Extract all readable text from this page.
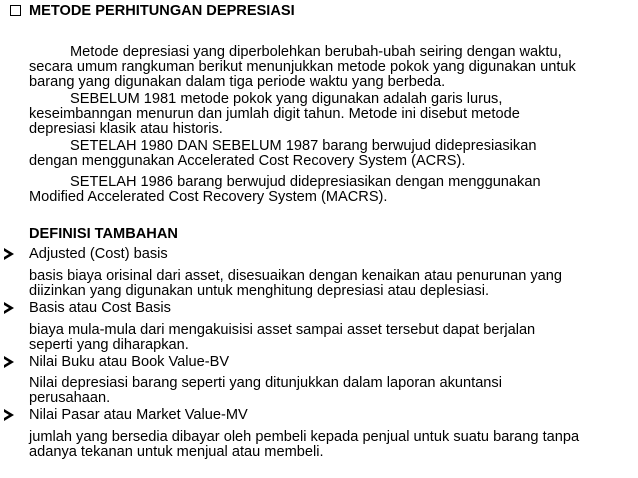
METODE PERHITUNGAN DEPRESIASI
Metode depresiasi yang diperbolehkan berubah-ubah seiring dengan waktu,
secara umum rangkuman berikut menunjukkan metode pokok yang digunakan untuk
barang yang digunakan dalam tiga periode waktu yang berbeda.
SEBELUM 1981 metode pokok yang digunakan adalah garis lurus,
keseimbanngan menurun dan jumlah digit tahun. Metode ini disebut metode
depresiasi klasik atau historis.
SETELAH 1980 DAN SEBELUM 1987 barang berwujud didepresiasikan
dengan menggunakan Accelerated Cost Recovery System (ACRS).
SETELAH 1986 barang berwujud didepresiasikan dengan menggunakan
Modified Accelerated Cost Recovery System (MACRS).
DEFINISI TAMBAHAN
Adjusted (Cost) basis
basis biaya orisinal dari asset, disesuaikan dengan kenaikan atau penurunan yang
diizinkan yang digunakan untuk menghitung depresiasi atau deplesiasi.
Basis atau Cost Basis
biaya mula-mula dari mengakuisisi asset sampai asset tersebut dapat berjalan
seperti yang diharapkan.
Nilai Buku atau Book Value-BV
Nilai depresiasi barang seperti yang ditunjukkan dalam laporan akuntansi
perusahaan.
Nilai Pasar atau Market Value-MV
jumlah yang bersedia dibayar oleh pembeli kepada penjual untuk suatu barang tanpa
adanya tekanan untuk menjual atau membeli.
